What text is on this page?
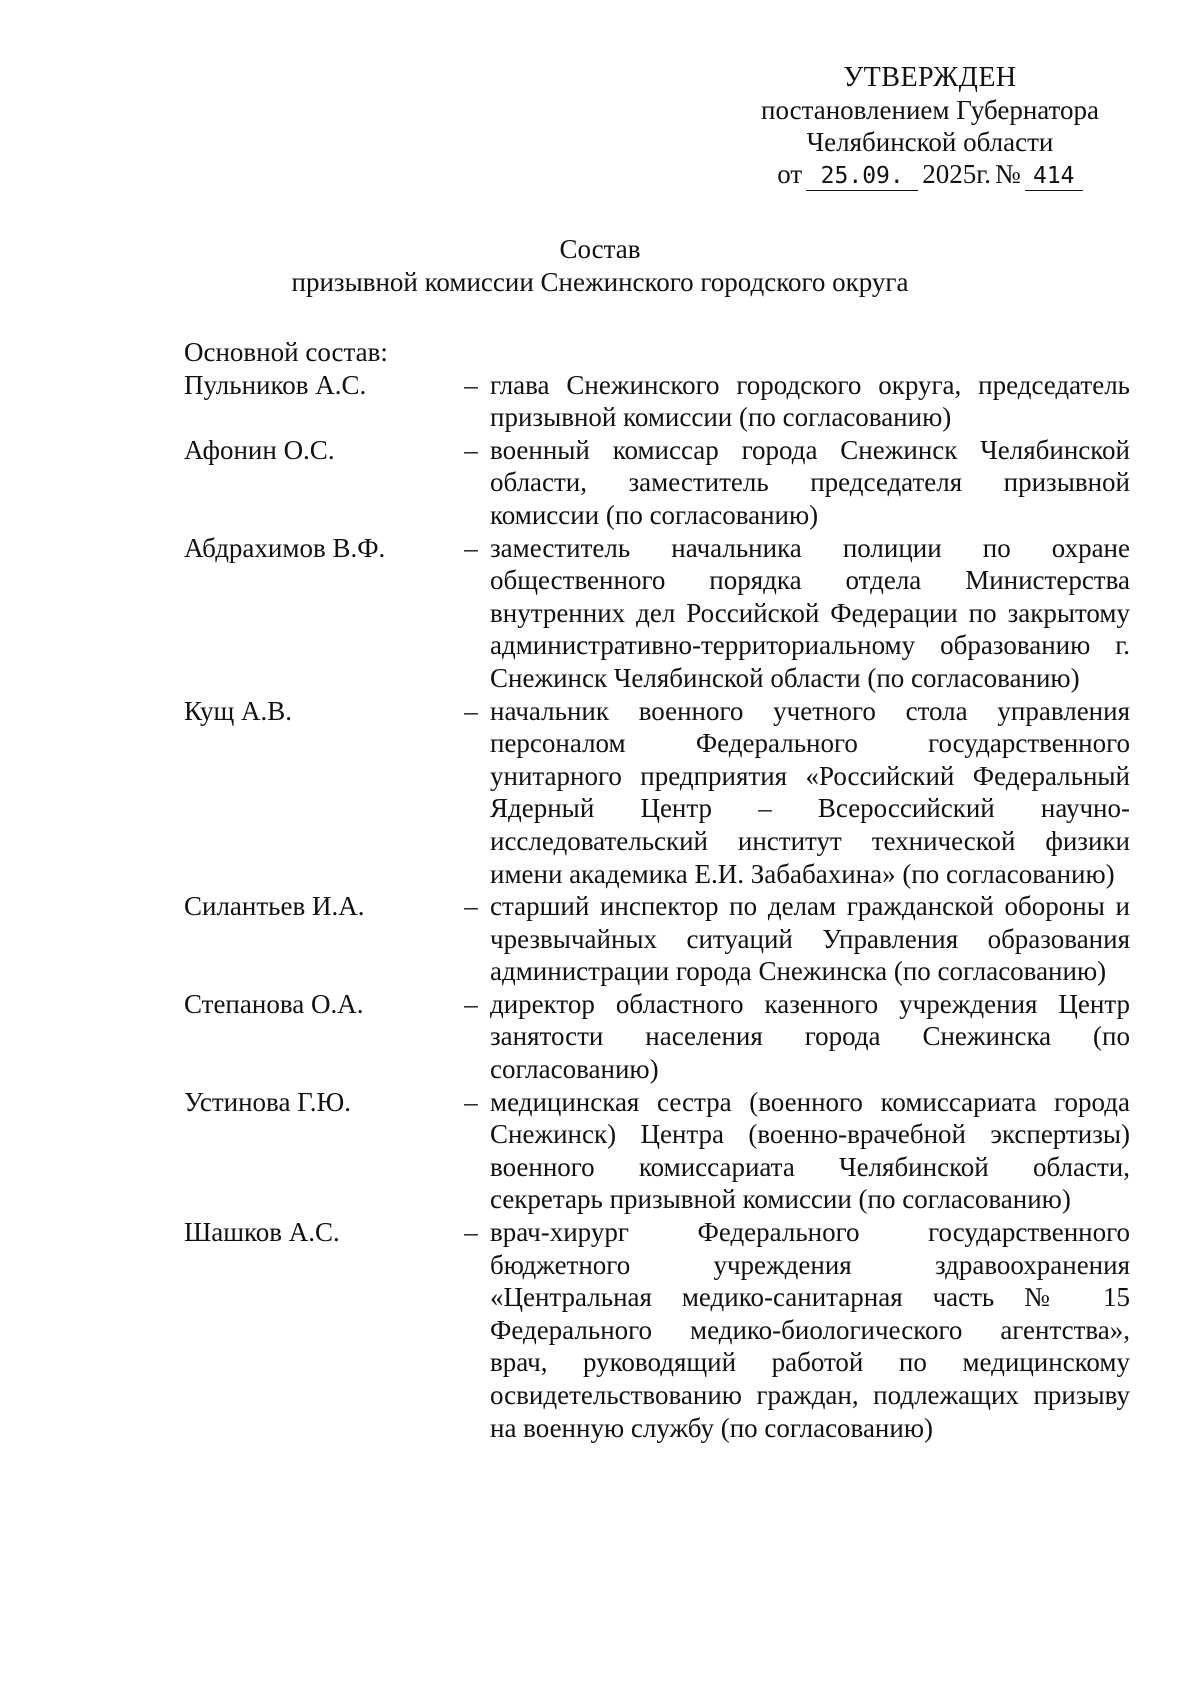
УТВЕРЖДЕН
постановлением Губернатора
Челябинской области
от 25.09. 2025г. № 414
Состав
призывной комиссии Снежинского городского округа
Основной состав:
Пульников А.С.	– глава Снежинского городского округа, председатель призывной комиссии (по согласованию)
Афонин О.С.	– военный комиссар города Снежинск Челябинской области, заместитель председателя призывной комиссии (по согласованию)
Абдрахимов В.Ф.	– заместитель начальника полиции по охране общественного порядка отдела Министерства внутренних дел Российской Федерации по закрытому административно-территориальному образованию г. Снежинск Челябинской области (по согласованию)
Кущ А.В.	– начальник военного учетного стола управления персоналом Федерального государственного унитарного предприятия «Российский Федеральный Ядерный Центр – Всероссийский научно-исследовательский институт технической физики имени академика Е.И. Забабахина» (по согласованию)
Силантьев И.А.	– старший инспектор по делам гражданской обороны и чрезвычайных ситуаций Управления образования администрации города Снежинска (по согласованию)
Степанова О.А.	– директор областного казенного учреждения Центр занятости населения города Снежинска (по согласованию)
Устинова Г.Ю.	– медицинская сестра (военного комиссариата города Снежинск) Центра (военно-врачебной экспертизы) военного комиссариата Челябинской области, секретарь призывной комиссии (по согласованию)
Шашков А.С.	– врач-хирург Федерального государственного бюджетного учреждения здравоохранения «Центральная медико-санитарная часть № 15 Федерального медико-биологического агентства», врач, руководящий работой по медицинскому освидетельствованию граждан, подлежащих призыву на военную службу (по согласованию)
